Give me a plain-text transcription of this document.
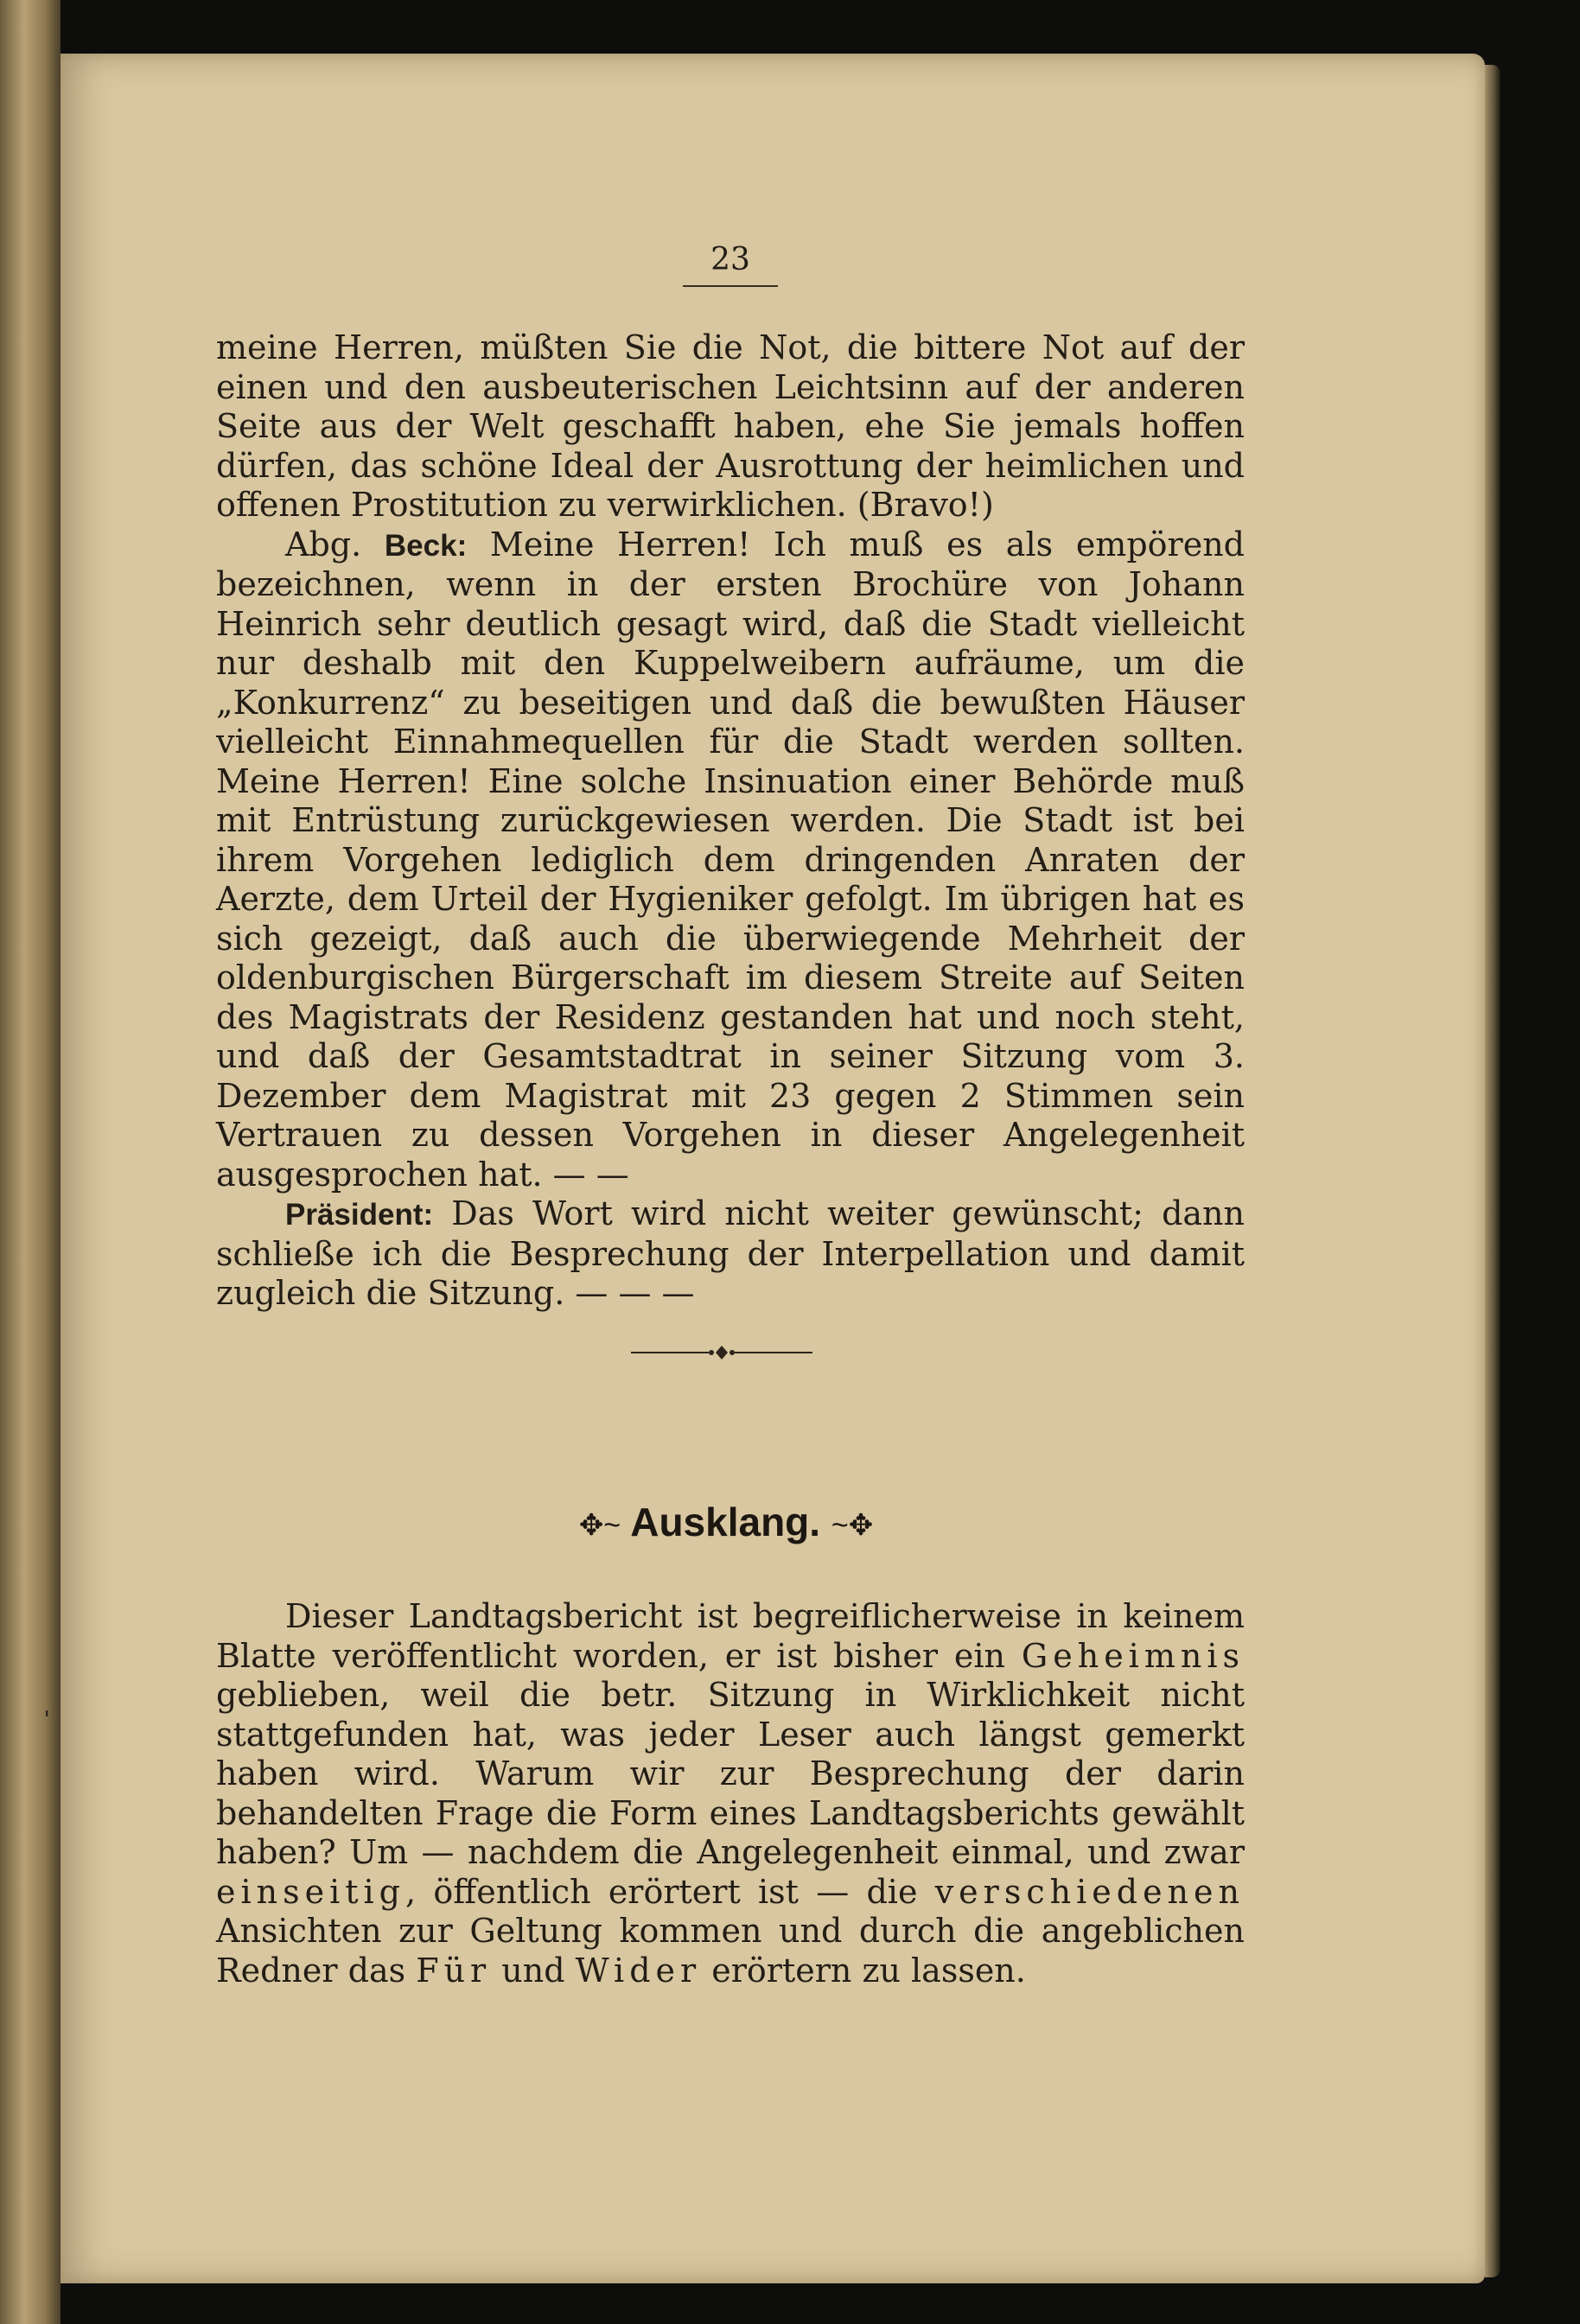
ˈ
23

meine Herren, müßten Sie die Not, die bittere Not auf der einen und den ausbeuterischen Leichtsinn auf der anderen Seite aus der Welt geschafft haben, ehe Sie jemals hoffen dürfen, das schöne Ideal der Ausrottung der heimlichen und offenen Prostitution zu verwirklichen. (Bravo!)

Abg. Beck: Meine Herren! Ich muß es als empörend bezeichnen, wenn in der ersten Brochüre von Johann Heinrich sehr deutlich gesagt wird, daß die Stadt vielleicht nur deshalb mit den Kuppelweibern aufräume, um die „Konkurrenz“ zu beseitigen und daß die bewußten Häuser vielleicht Einnahmequellen für die Stadt werden sollten. Meine Herren! Eine solche Insinuation einer Behörde muß mit Entrüstung zurückgewiesen werden. Die Stadt ist bei ihrem Vorgehen lediglich dem dringenden Anraten der Aerzte, dem Urteil der Hygieniker gefolgt. Im übrigen hat es sich gezeigt, daß auch die überwiegende Mehrheit der oldenburgischen Bürgerschaft im diesem Streite auf Seiten des Magistrats der Residenz gestanden hat und noch steht, und daß der Gesamtstadtrat in seiner Sitzung vom 3. Dezember dem Magistrat mit 23 gegen 2 Stimmen sein Vertrauen zu dessen Vorgehen in dieser Angelegenheit ausgesprochen hat. — —

Präsident: Das Wort wird nicht weiter gewünscht; dann schließe ich die Besprechung der Interpellation und damit zugleich die Sitzung. — — —

✥~ Ausklang. ~✥

Dieser Landtagsbericht ist begreiflicherweise in keinem Blatte veröffentlicht worden, er ist bisher ein Geheimnis geblieben, weil die betr. Sitzung in Wirklichkeit nicht stattgefunden hat, was jeder Leser auch längst gemerkt haben wird. Warum wir zur Besprechung der darin behandelten Frage die Form eines Landtagsberichts gewählt haben? Um — nachdem die Angelegenheit einmal, und zwar einseitig, öffentlich erörtert ist — die verschiedenen Ansichten zur Geltung kommen und durch die angeblichen Redner das Für und Wider erörtern zu lassen.
